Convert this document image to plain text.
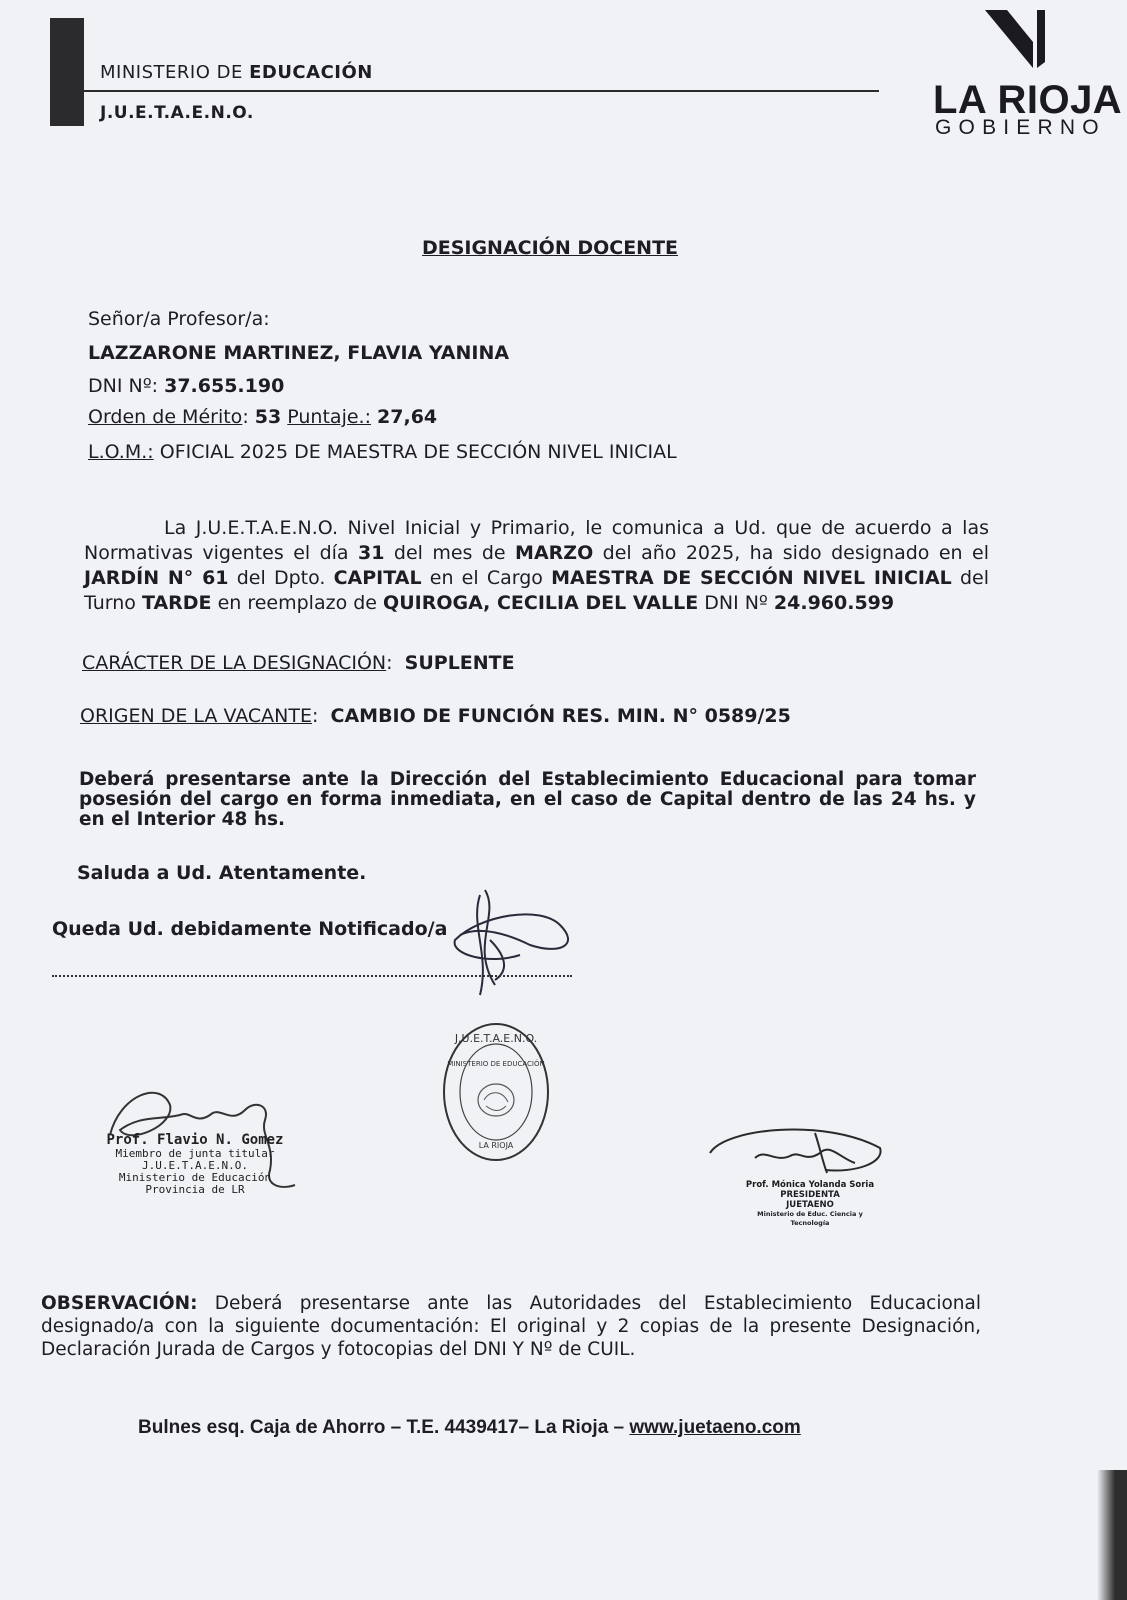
MINISTERIO DE EDUCACIÓN
J.U.E.T.A.E.N.O.	LA RIOJA
GOBIERNO
DESIGNACIÓN DOCENTE
Señor/a Profesor/a:
LAZZARONE MARTINEZ, FLAVIA YANINA
DNI Nº: 37.655.190
Orden de Mérito: 53 Puntaje.: 27,64
L.O.M.: OFICIAL 2025 DE MAESTRA DE SECCIÓN NIVEL INICIAL
La J.U.E.T.A.E.N.O. Nivel Inicial y Primario, le comunica a Ud. que de acuerdo a las Normativas vigentes el día 31 del mes de MARZO del año 2025, ha sido designado en el JARDÍN N° 61 del Dpto. CAPITAL en el Cargo MAESTRA DE SECCIÓN NIVEL INICIAL del Turno TARDE en reemplazo de QUIROGA, CECILIA DEL VALLE DNI Nº 24.960.599
CARÁCTER DE LA DESIGNACIÓN: SUPLENTE
ORIGEN DE LA VACANTE: CAMBIO DE FUNCIÓN RES. MIN. N° 0589/25
Deberá presentarse ante la Dirección del Establecimiento Educacional para tomar posesión del cargo en forma inmediata, en el caso de Capital dentro de las 24 hs. y en el Interior 48 hs.
Saluda a Ud. Atentamente.
Queda Ud. debidamente Notificado/a
Prof. Flavio N. Gomez
Miembro de junta titular
J.U.E.T.A.E.N.O.
Ministerio de Educación
Provincia de LR
J.U.E.T.A.E.N.O.
MINISTERIO DE EDUCACIÓN
LA RIOJA
Prof. Mónica Yolanda Soria
PRESIDENTA
JUETAENO
Ministerio de Educ. Ciencia y Tecnología
OBSERVACIÓN: Deberá presentarse ante las Autoridades del Establecimiento Educacional designado/a con la siguiente documentación: El original y 2 copias de la presente Designación, Declaración Jurada de Cargos y fotocopias del DNI Y Nº de CUIL.
Bulnes esq. Caja de Ahorro – T.E. 4439417– La Rioja – www.juetaeno.com
